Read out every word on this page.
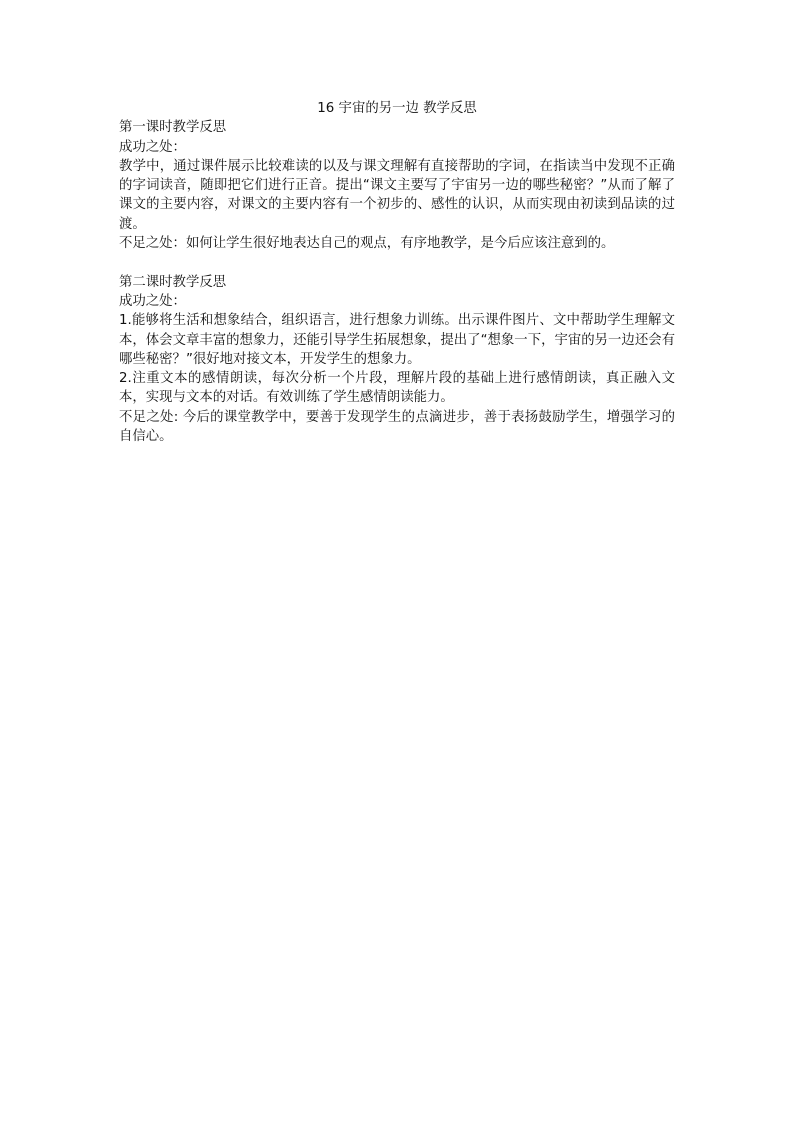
16 宇宙的另一边 教学反思

第一课时教学反思

成功之处：

教学中，通过课件展示比较难读的以及与课文理解有直接帮助的字词，在指读当中发现不正确的字词读音，随即把它们进行正音。提出“课文主要写了宇宙另一边的哪些秘密？”从而了解了课文的主要内容，对课文的主要内容有一个初步的、感性的认识，从而实现由初读到品读的过渡。

不足之处：如何让学生很好地表达自己的观点，有序地教学，是今后应该注意到的。

第二课时教学反思

成功之处：

1.能够将生活和想象结合，组织语言，进行想象力训练。出示课件图片、文中帮助学生理解文本，体会文章丰富的想象力，还能引导学生拓展想象，提出了“想象一下，宇宙的另一边还会有哪些秘密？”很好地对接文本，开发学生的想象力。

2.注重文本的感情朗读，每次分析一个片段，理解片段的基础上进行感情朗读，真正融入文本，实现与文本的对话。有效训练了学生感情朗读能力。

不足之处: 今后的课堂教学中，要善于发现学生的点滴进步，善于表扬鼓励学生，增强学习的自信心。
